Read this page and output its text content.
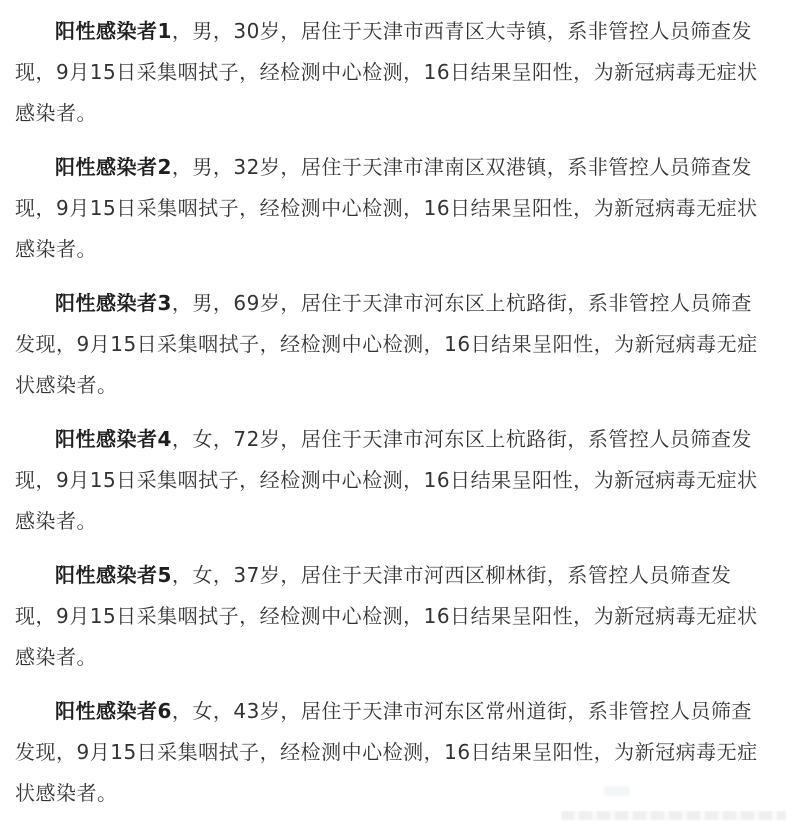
阳性感染者1，男，30岁，居住于天津市西青区大寺镇，系非管控人员筛查发现，9月15日采集咽拭子，经检测中心检测，16日结果呈阳性，为新冠病毒无症状感染者。

阳性感染者2，男，32岁，居住于天津市津南区双港镇，系非管控人员筛查发现，9月15日采集咽拭子，经检测中心检测，16日结果呈阳性，为新冠病毒无症状感染者。

阳性感染者3，男，69岁，居住于天津市河东区上杭路街，系非管控人员筛查发现，9月15日采集咽拭子，经检测中心检测，16日结果呈阳性，为新冠病毒无症状感染者。

阳性感染者4，女，72岁，居住于天津市河东区上杭路街，系管控人员筛查发现，9月15日采集咽拭子，经检测中心检测，16日结果呈阳性，为新冠病毒无症状感染者。

阳性感染者5，女，37岁，居住于天津市河西区柳林街，系管控人员筛查发现，9月15日采集咽拭子，经检测中心检测，16日结果呈阳性，为新冠病毒无症状感染者。

阳性感染者6，女，43岁，居住于天津市河东区常州道街，系非管控人员筛查发现，9月15日采集咽拭子，经检测中心检测，16日结果呈阳性，为新冠病毒无症状感染者。
